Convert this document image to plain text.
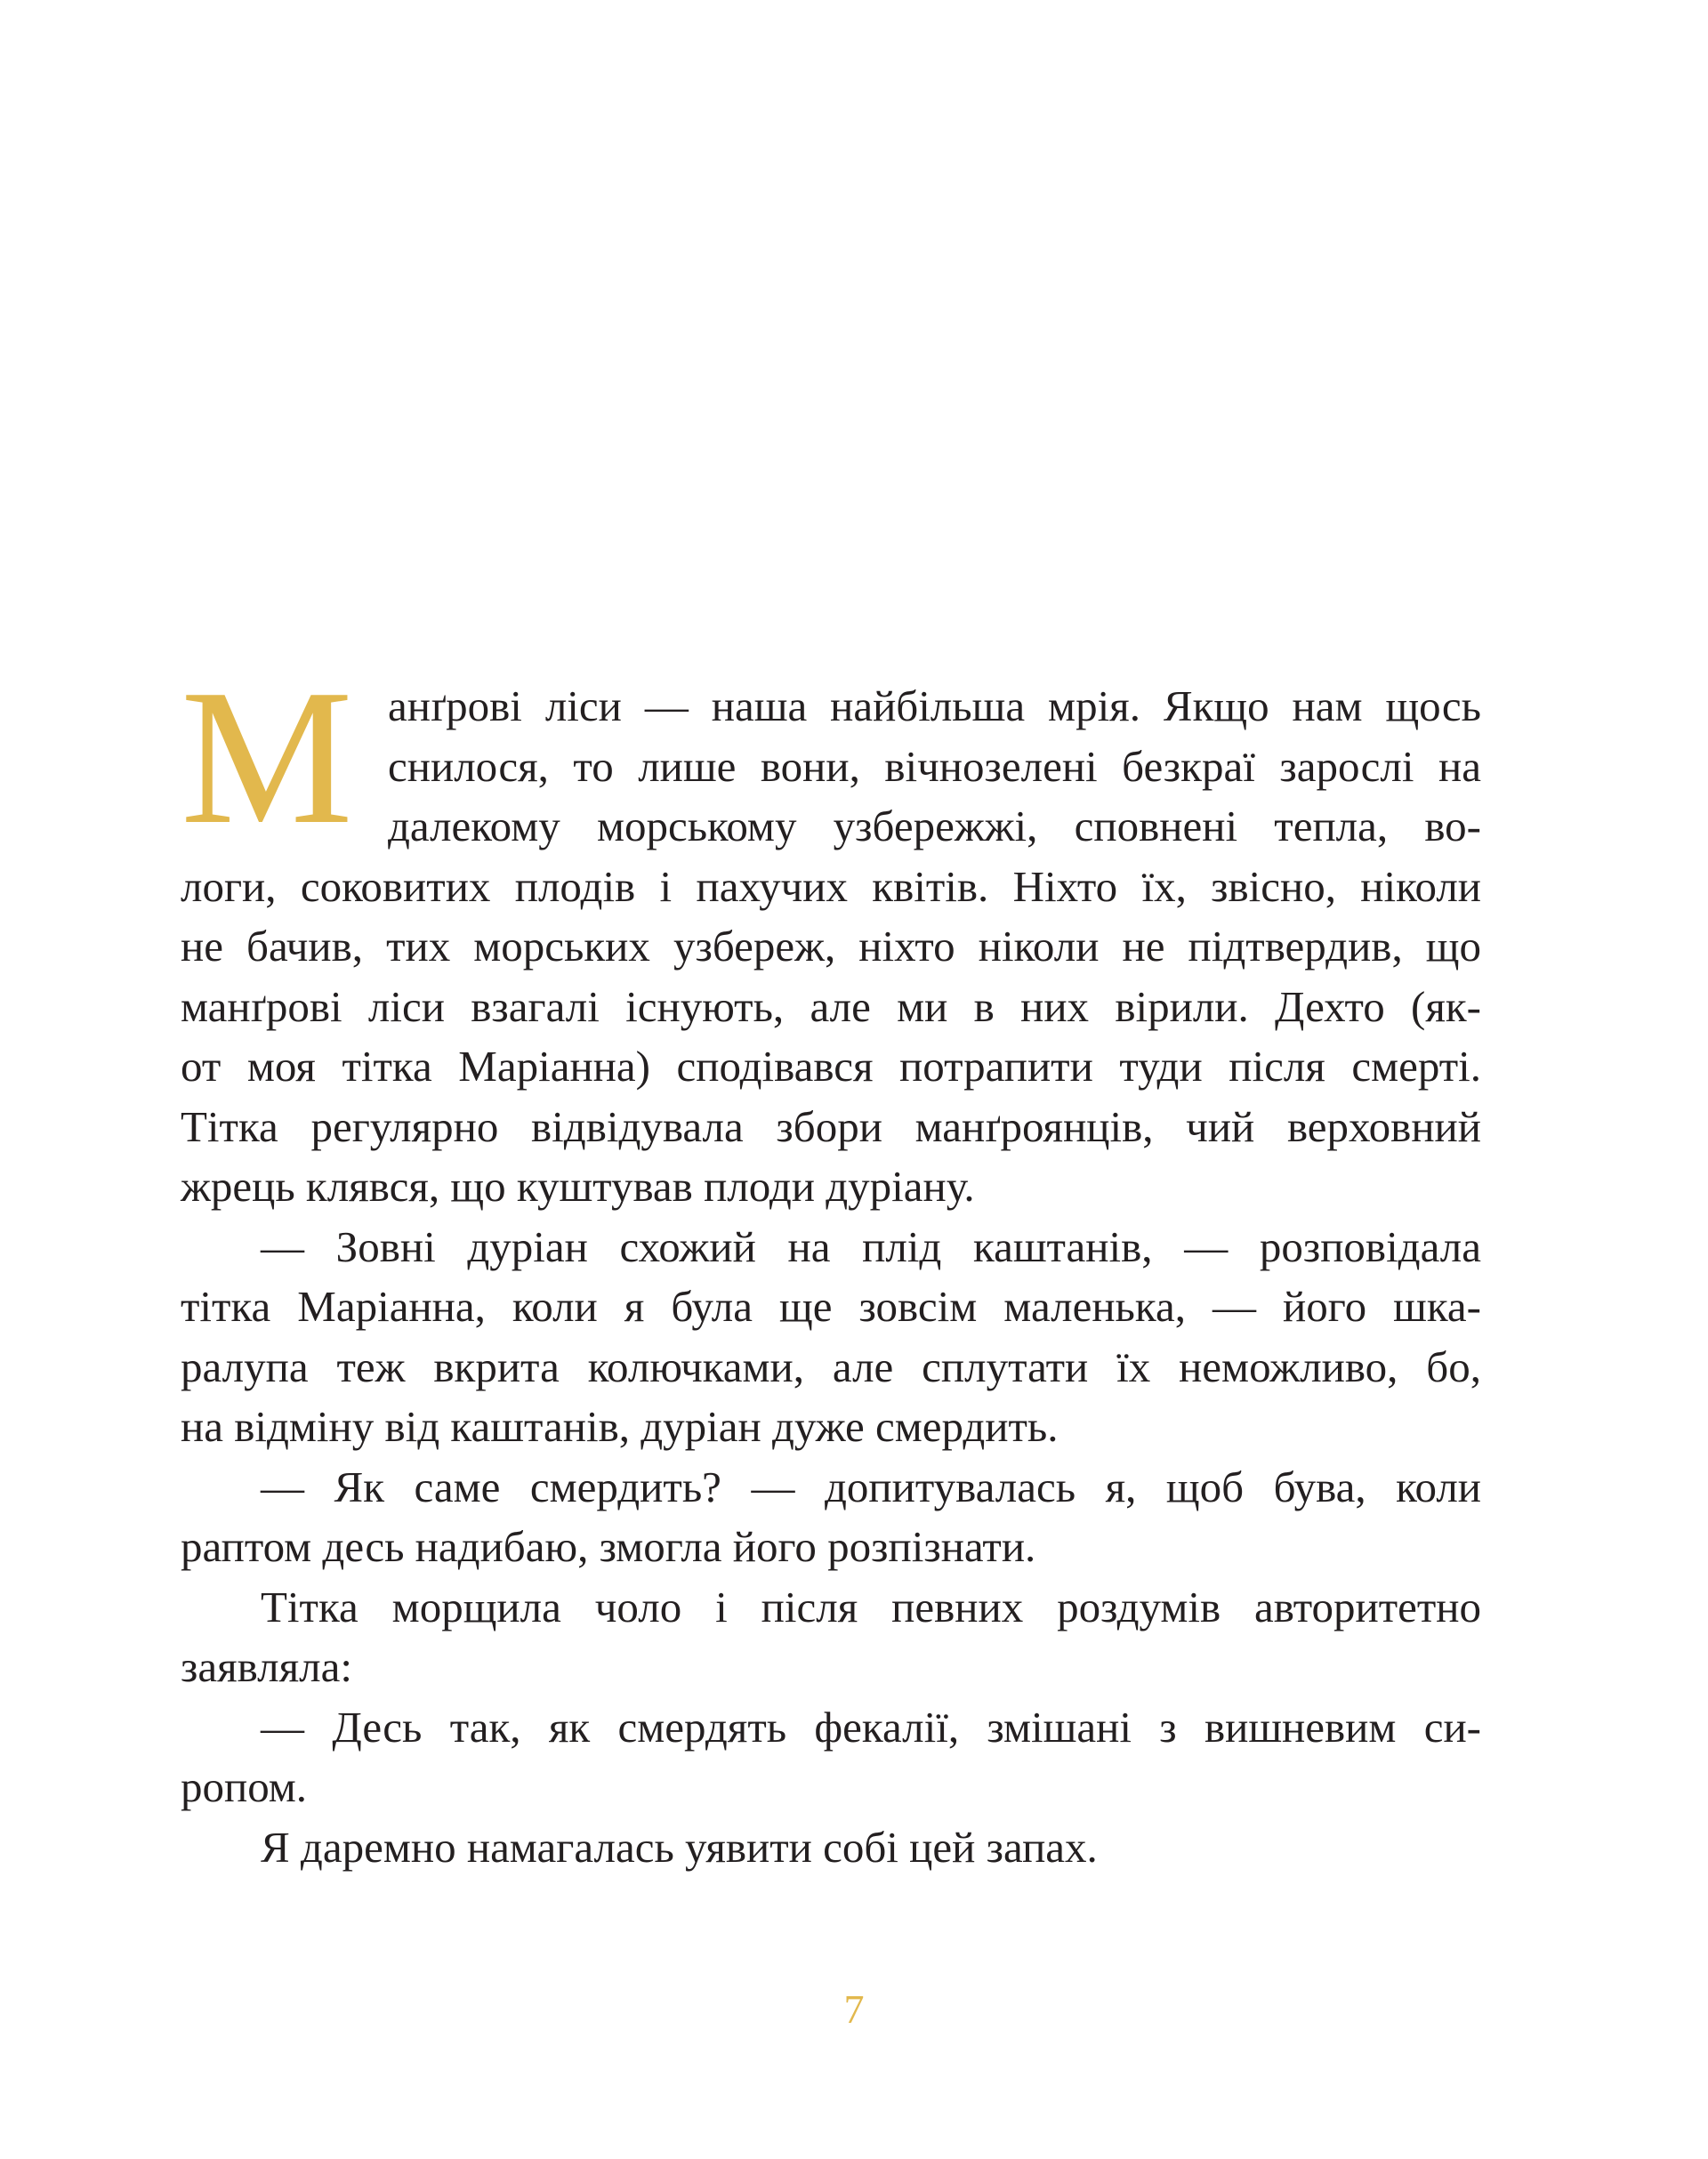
М анґрові ліси — наша найбільша мрія. Якщо нам щось
снилося, то лише вони, вічнозелені безкраї зарослі на
далекому морському узбережжі, сповнені тепла, во-
логи, соковитих плодів і пахучих квітів. Ніхто їх, звісно, ніколи
не бачив, тих морських узбереж, ніхто ніколи не підтвердив, що
манґрові ліси взагалі існують, але ми в них вірили. Дехто (як-
от моя тітка Маріанна) сподівався потрапити туди після смерті.
Тітка регулярно відвідувала збори манґроянців, чий верховний
жрець клявся, що куштував плоди дуріану.
— Зовні дуріан схожий на плід каштанів, — розповідала
тітка Маріанна, коли я була ще зовсім маленька, — його шка-
ралупа теж вкрита колючками, але сплутати їх неможливо, бо,
на відміну від каштанів, дуріан дуже смердить.
— Як саме смердить? — допитувалась я, щоб бува, коли
раптом десь надибаю, змогла його розпізнати.
Тітка морщила чоло і після певних роздумів авторитетно
заявляла:
— Десь так, як смердять фекалії, змішані з вишневим си-
ропом.
Я даремно намагалась уявити собі цей запах.
7
